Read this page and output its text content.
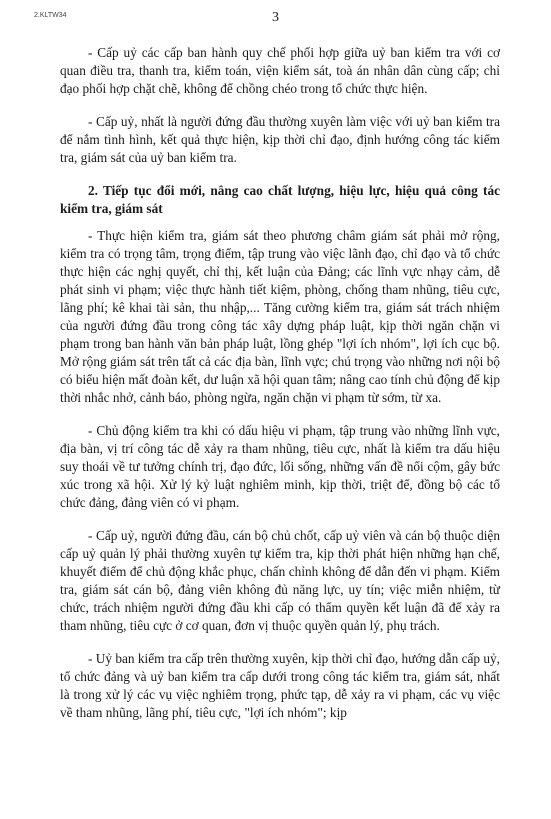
2.KLTW34	3

- Cấp uỷ các cấp ban hành quy chế phối hợp giữa uỷ ban kiểm tra với cơ quan điều tra, thanh tra, kiểm toán, viện kiểm sát, toà án nhân dân cùng cấp; chỉ đạo phối hợp chặt chẽ, không để chồng chéo trong tổ chức thực hiện.

- Cấp uỷ, nhất là người đứng đầu thường xuyên làm việc với uỷ ban kiểm tra để nắm tình hình, kết quả thực hiện, kịp thời chỉ đạo, định hướng công tác kiểm tra, giám sát của uỷ ban kiểm tra.

2. Tiếp tục đổi mới, nâng cao chất lượng, hiệu lực, hiệu quả công tác kiểm tra, giám sát

- Thực hiện kiểm tra, giám sát theo phương châm giám sát phải mở rộng, kiểm tra có trọng tâm, trọng điểm, tập trung vào việc lãnh đạo, chỉ đạo và tổ chức thực hiện các nghị quyết, chỉ thị, kết luận của Đảng; các lĩnh vực nhạy cảm, dễ phát sinh vi phạm; việc thực hành tiết kiệm, phòng, chống tham nhũng, tiêu cực, lãng phí; kê khai tài sản, thu nhập,... Tăng cường kiểm tra, giám sát trách nhiệm của người đứng đầu trong công tác xây dựng pháp luật, kịp thời ngăn chặn vi phạm trong ban hành văn bản pháp luật, lồng ghép "lợi ích nhóm", lợi ích cục bộ. Mở rộng giám sát trên tất cả các địa bàn, lĩnh vực; chú trọng vào những nơi nội bộ có biểu hiện mất đoàn kết, dư luận xã hội quan tâm; nâng cao tính chủ động để kịp thời nhắc nhở, cảnh báo, phòng ngừa, ngăn chặn vi phạm từ sớm, từ xa.

- Chủ động kiểm tra khi có dấu hiệu vi phạm, tập trung vào những lĩnh vực, địa bàn, vị trí công tác dễ xảy ra tham nhũng, tiêu cực, nhất là kiểm tra dấu hiệu suy thoái về tư tưởng chính trị, đạo đức, lối sống, những vấn đề nổi cộm, gây bức xúc trong xã hội. Xử lý kỷ luật nghiêm minh, kịp thời, triệt để, đồng bộ các tổ chức đảng, đảng viên có vi phạm.

- Cấp uỷ, người đứng đầu, cán bộ chủ chốt, cấp uỷ viên và cán bộ thuộc diện cấp uỷ quản lý phải thường xuyên tự kiểm tra, kịp thời phát hiện những hạn chế, khuyết điểm để chủ động khắc phục, chấn chỉnh không để dẫn đến vi phạm. Kiểm tra, giám sát cán bộ, đảng viên không đủ năng lực, uy tín; việc miễn nhiệm, từ chức, trách nhiệm người đứng đầu khi cấp có thẩm quyền kết luận đã để xảy ra tham nhũng, tiêu cực ở cơ quan, đơn vị thuộc quyền quản lý, phụ trách.

- Uỷ ban kiểm tra cấp trên thường xuyên, kịp thời chỉ đạo, hướng dẫn cấp uỷ, tổ chức đảng và uỷ ban kiểm tra cấp dưới trong công tác kiểm tra, giám sát, nhất là trong xử lý các vụ việc nghiêm trọng, phức tạp, dễ xảy ra vi phạm, các vụ việc về tham nhũng, lãng phí, tiêu cực, "lợi ích nhóm"; kịp
